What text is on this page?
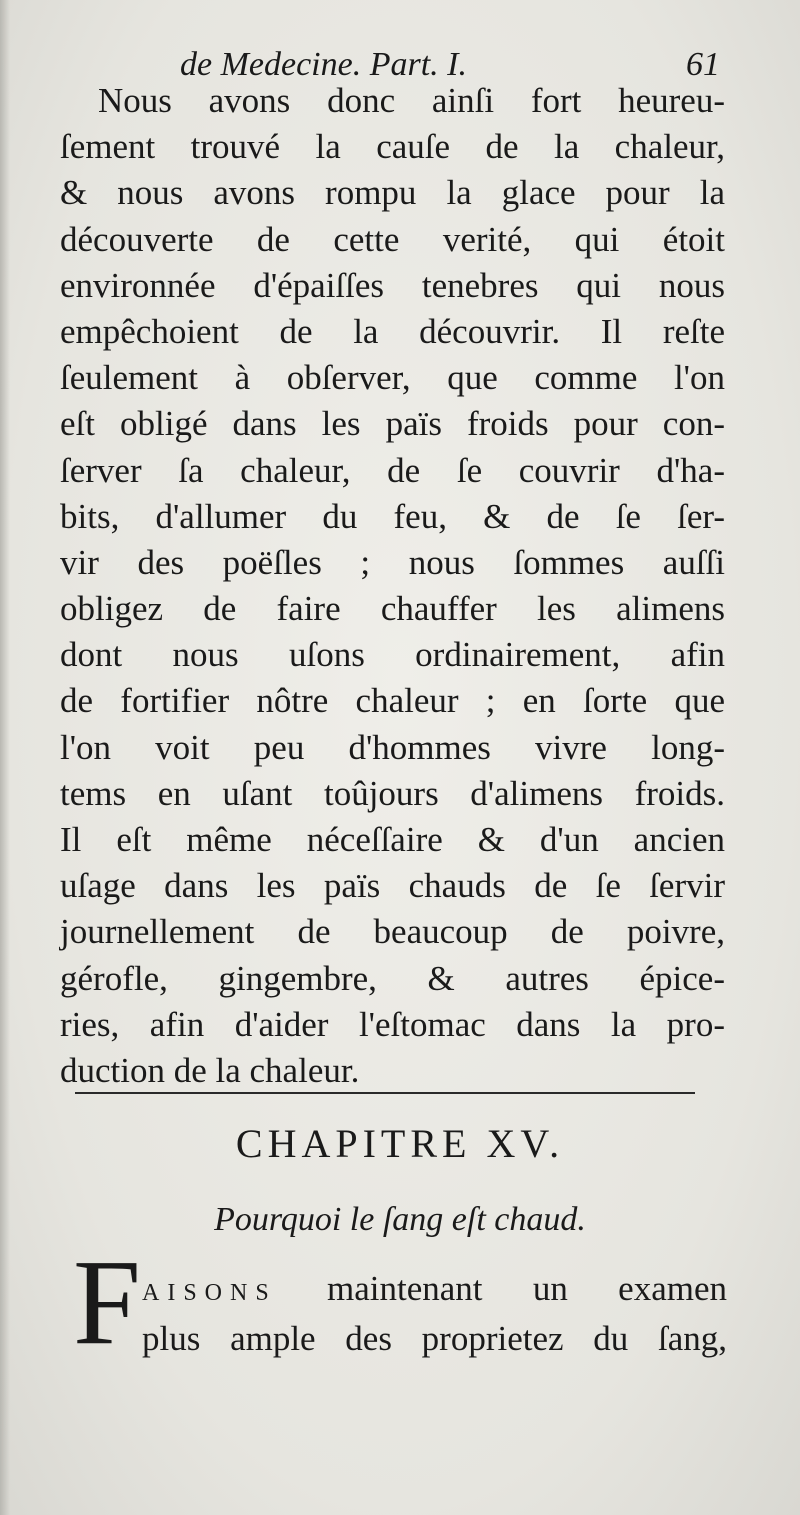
de Medecine. Part. I.	61
Nous avons donc ainſi fort heureu-
ſement trouvé la cauſe de la chaleur,
& nous avons rompu la glace pour la
découverte de cette verité, qui étoit
environnée d'épaiſſes tenebres qui nous
empêchoient de la découvrir. Il reſte
ſeulement à obſerver, que comme l'on
eſt obligé dans les païs froids pour con-
ſerver ſa chaleur, de ſe couvrir d'ha-
bits, d'allumer du feu, & de ſe ſer-
vir des poëſles ; nous ſommes auſſi
obligez de faire chauffer les alimens
dont nous uſons ordinairement, afin
de fortifier nôtre chaleur ; en ſorte que
l'on voit peu d'hommes vivre long-
tems en uſant toûjours d'alimens froids.
Il eſt même néceſſaire & d'un ancien
uſage dans les païs chauds de ſe ſervir
journellement de beaucoup de poivre,
gérofle, gingembre, & autres épice-
ries, afin d'aider l'eſtomac dans la pro-
duction de la chaleur.
CHAPITRE XV.
Pourquoi le ſang eſt chaud.
F AISONS maintenant un examen
plus ample des proprietez du ſang,
